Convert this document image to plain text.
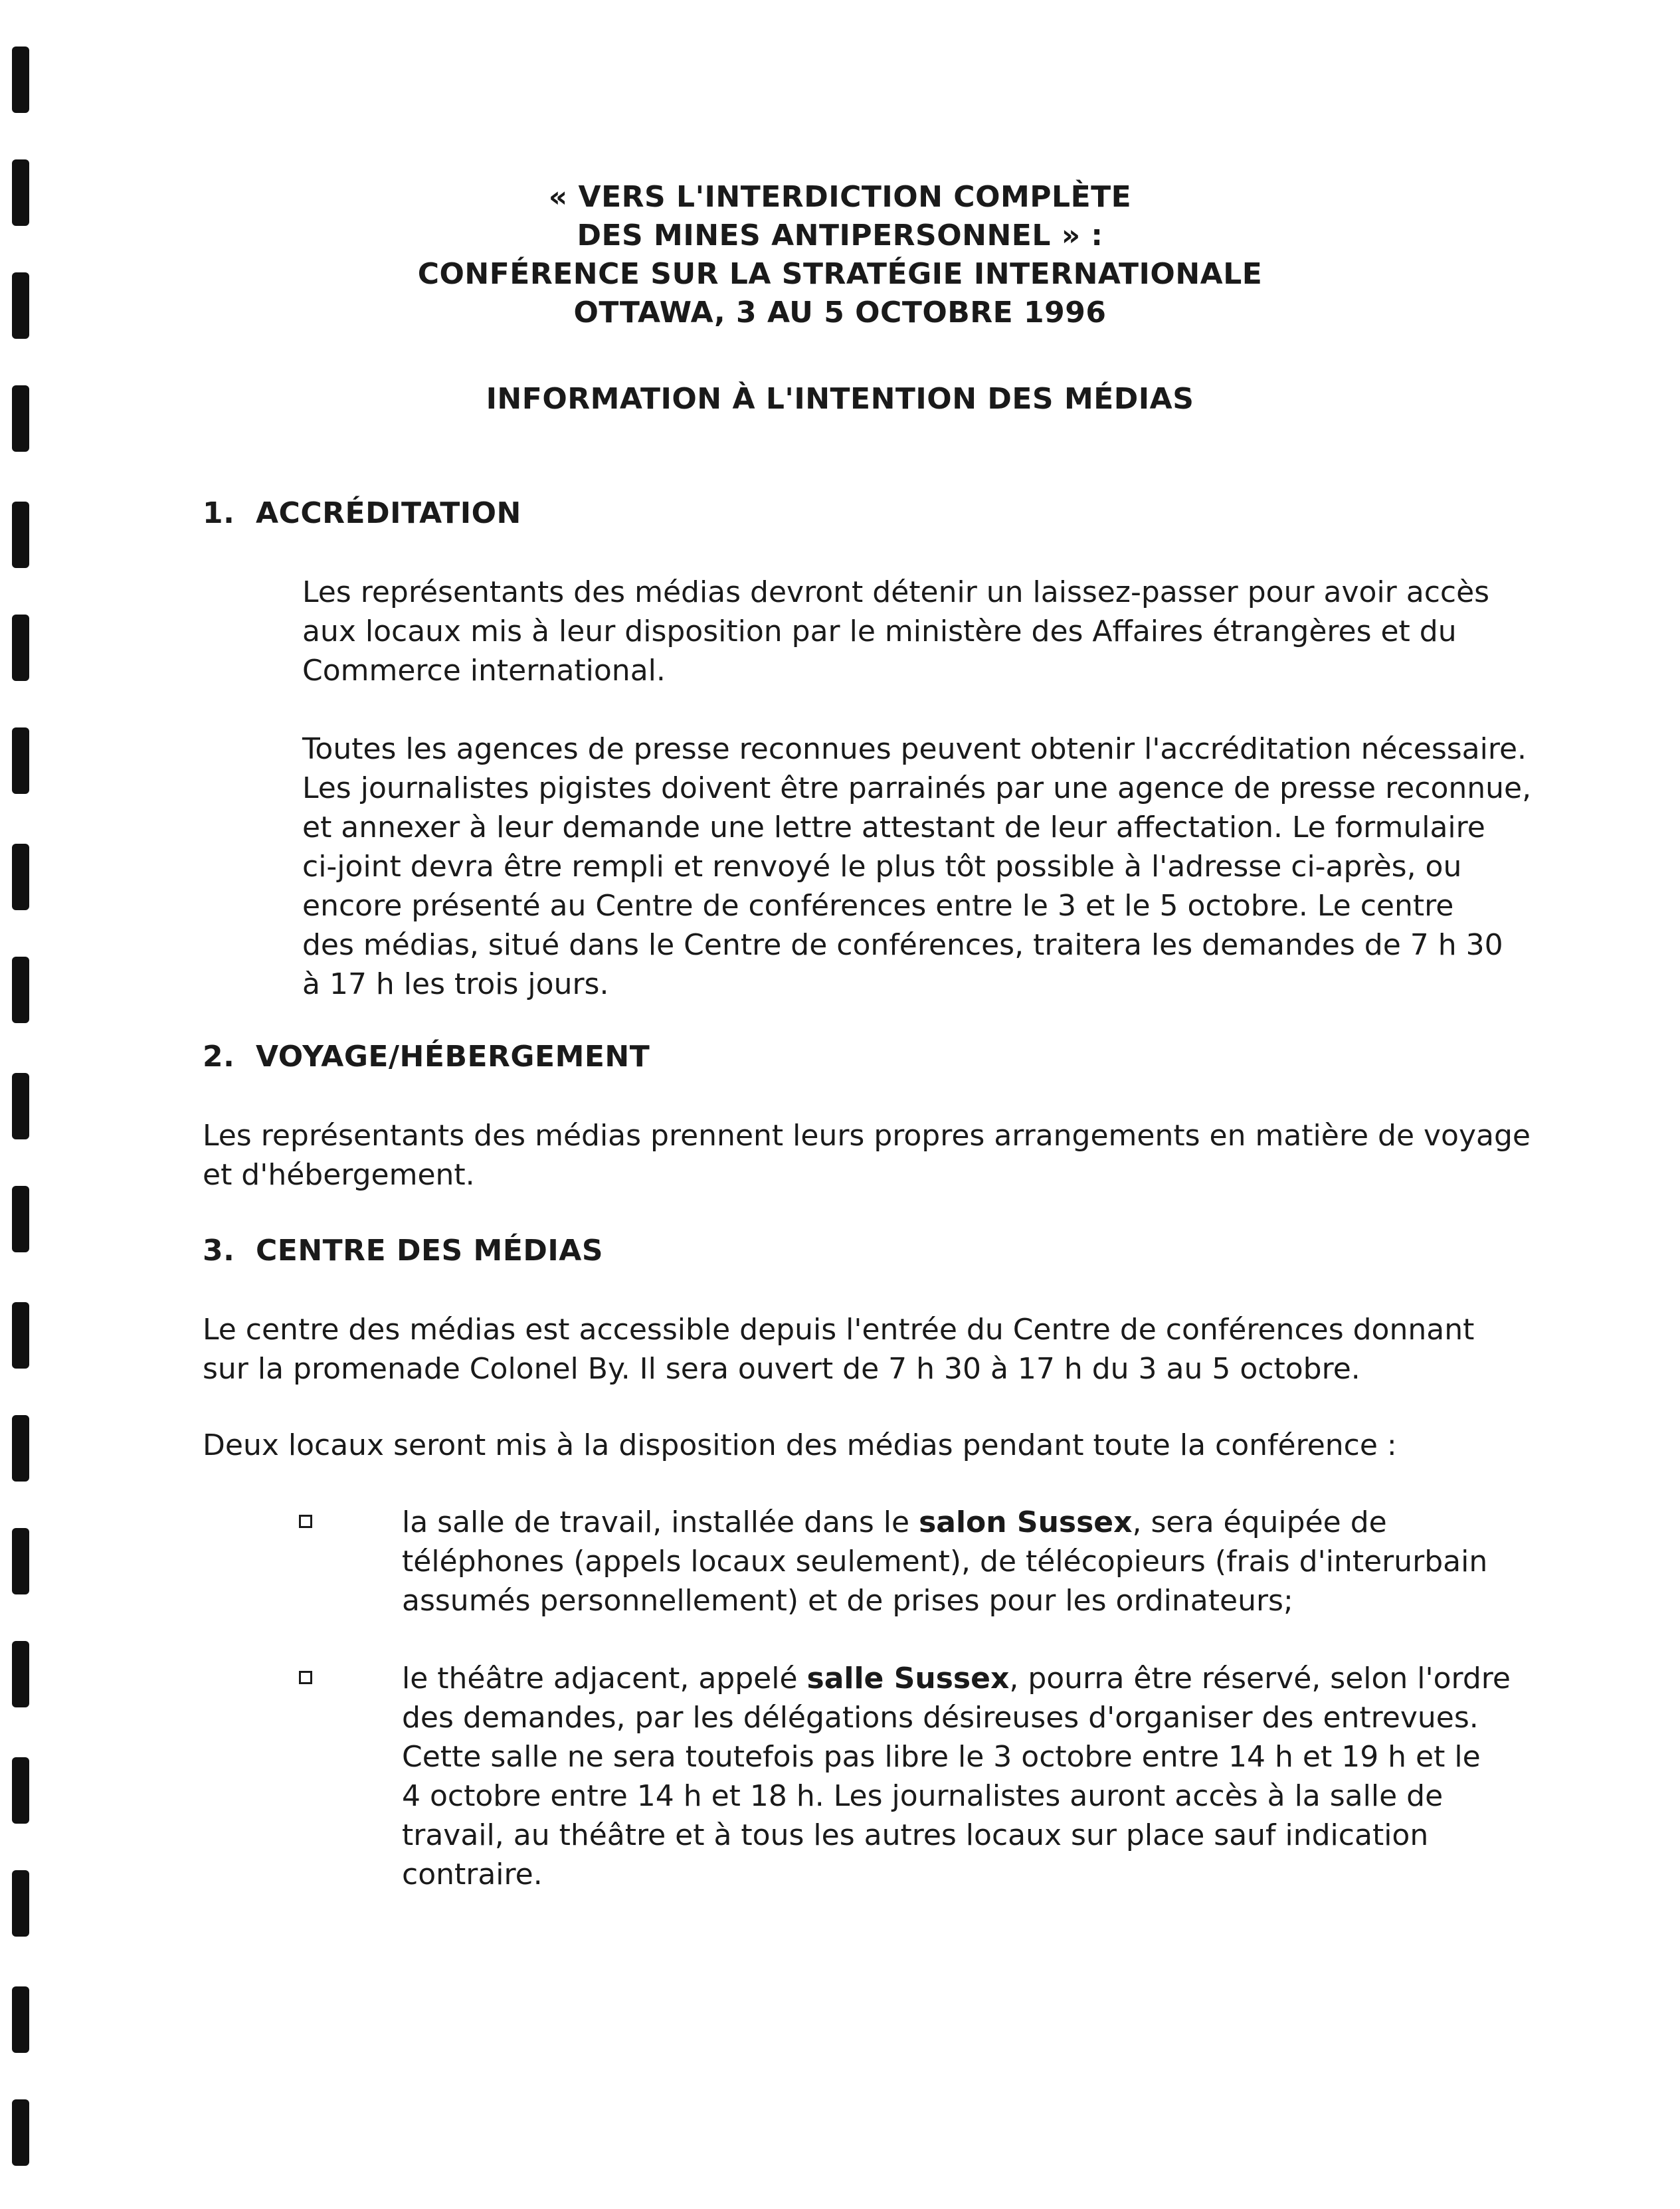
« VERS L'INTERDICTION COMPLÈTE
DES MINES ANTIPERSONNEL » :
CONFÉRENCE SUR LA STRATÉGIE INTERNATIONALE
OTTAWA, 3 AU 5 OCTOBRE 1996
INFORMATION À L'INTENTION DES MÉDIAS
1. ACCRÉDITATION
Les représentants des médias devront détenir un laissez-passer pour avoir accès
aux locaux mis à leur disposition par le ministère des Affaires étrangères et du
Commerce international.
Toutes les agences de presse reconnues peuvent obtenir l'accréditation nécessaire.
Les journalistes pigistes doivent être parrainés par une agence de presse reconnue,
et annexer à leur demande une lettre attestant de leur affectation. Le formulaire
ci-joint devra être rempli et renvoyé le plus tôt possible à l'adresse ci-après, ou
encore présenté au Centre de conférences entre le 3 et le 5 octobre. Le centre
des médias, situé dans le Centre de conférences, traitera les demandes de 7 h 30
à 17 h les trois jours.
2. VOYAGE/HÉBERGEMENT
Les représentants des médias prennent leurs propres arrangements en matière de voyage
et d'hébergement.
3. CENTRE DES MÉDIAS
Le centre des médias est accessible depuis l'entrée du Centre de conférences donnant
sur la promenade Colonel By. Il sera ouvert de 7 h 30 à 17 h du 3 au 5 octobre.
Deux locaux seront mis à la disposition des médias pendant toute la conférence :
la salle de travail, installée dans le salon Sussex, sera équipée de
téléphones (appels locaux seulement), de télécopieurs (frais d'interurbain
assumés personnellement) et de prises pour les ordinateurs;
le théâtre adjacent, appelé salle Sussex, pourra être réservé, selon l'ordre
des demandes, par les délégations désireuses d'organiser des entrevues.
Cette salle ne sera toutefois pas libre le 3 octobre entre 14 h et 19 h et le
4 octobre entre 14 h et 18 h. Les journalistes auront accès à la salle de
travail, au théâtre et à tous les autres locaux sur place sauf indication
contraire.
